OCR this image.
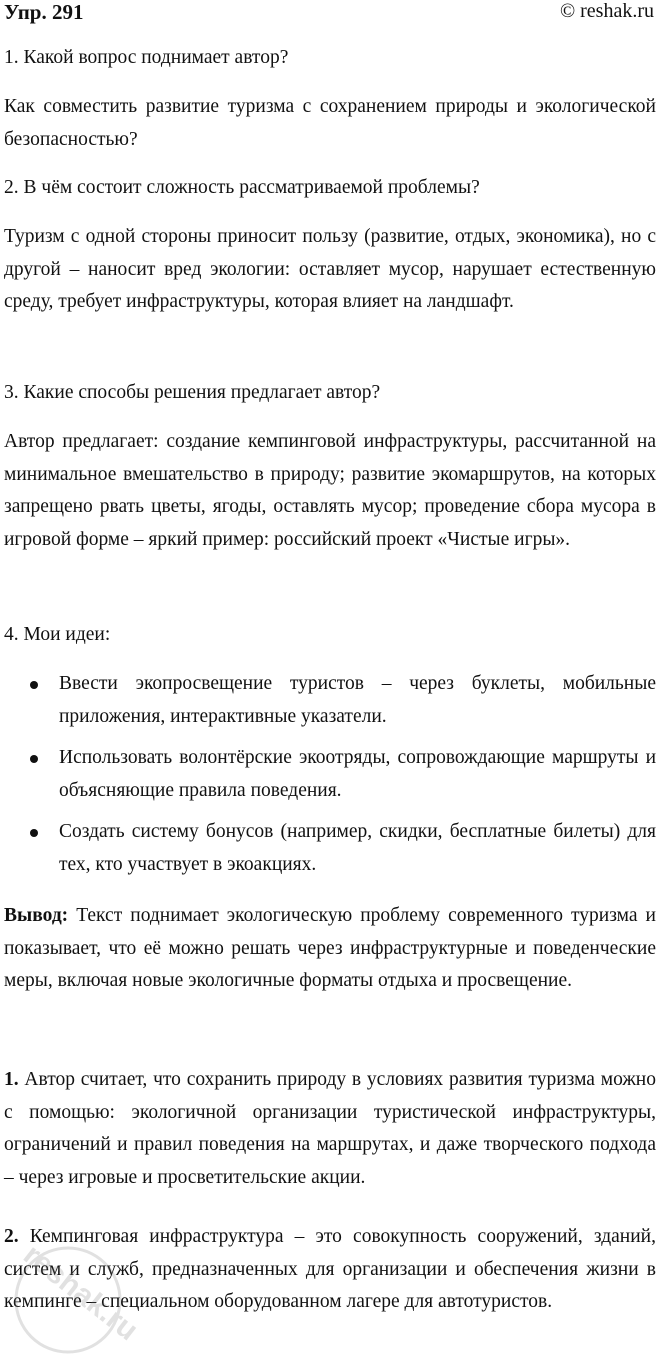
Упр. 291	© reshak.ru
1. Какой вопрос поднимает автор?
Как совместить развитие туризма с сохранением природы и экологической безопасностью?
2. В чём состоит сложность рассматриваемой проблемы?
Туризм с одной стороны приносит пользу (развитие, отдых, экономика), но с другой – наносит вред экологии: оставляет мусор, нарушает естественную среду, требует инфраструктуры, которая влияет на ландшафт.
3. Какие способы решения предлагает автор?
Автор предлагает: создание кемпинговой инфраструктуры, рассчитанной на минимальное вмешательство в природу; развитие экомаршрутов, на которых запрещено рвать цветы, ягоды, оставлять мусор; проведение сбора мусора в игровой форме – яркий пример: российский проект «Чистые игры».
4. Мои идеи:
Ввести экопросвещение туристов – через буклеты, мобильные приложения, интерактивные указатели.
Использовать волонтёрские экоотряды, сопровождающие маршруты и объясняющие правила поведения.
Создать систему бонусов (например, скидки, бесплатные билеты) для тех, кто участвует в экоакциях.
Вывод: Текст поднимает экологическую проблему современного туризма и показывает, что её можно решать через инфраструктурные и поведенческие меры, включая новые экологичные форматы отдыха и просвещение.
1. Автор считает, что сохранить природу в условиях развития туризма можно с помощью: экологичной организации туристической инфраструктуры, ограничений и правил поведения на маршрутах, и даже творческого подхода – через игровые и просветительские акции.
2. Кемпинговая инфраструктура – это совокупность сооружений, зданий, систем и служб, предназначенных для организации и обеспечения жизни в кемпинге – специальном оборудованном лагере для автотуристов.
reshak.ru
